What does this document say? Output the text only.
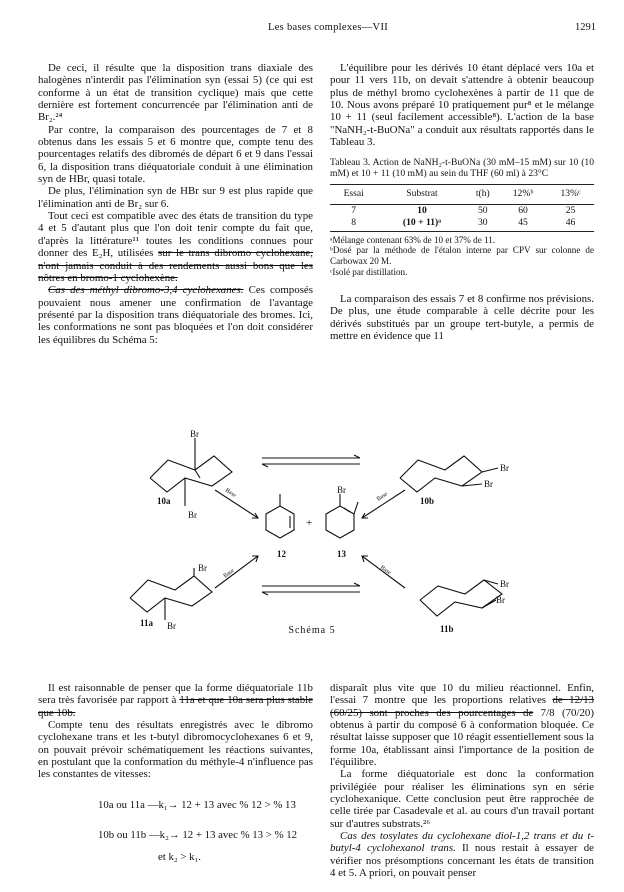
Les bases complexes—VII	1291

De ceci, il résulte que la disposition trans diaxiale des halogènes n'interdit pas l'élimination syn (essai 5) (ce qui est conforme à un état de transition cyclique) mais que cette dernière est fortement concurrencée par l'élimination anti de Br₂.²⁴

Par contre, la comparaison des pourcentages de 7 et 8 obtenus dans les essais 5 et 6 montre que, compte tenu des pourcentages relatifs des dibromés de départ 6 et 9 dans l'essai 6, la disposition trans diéquatoriale conduit à une élimination syn de HBr, quasi totale.

De plus, l'élimination syn de HBr sur 9 est plus rapide que l'élimination anti de Br₂ sur 6.

Tout ceci est compatible avec des états de transition du type 4 et 5 d'autant plus que l'on doit tenir compte du fait que, d'après la littérature¹¹ toutes les conditions connues pour donner des E₂H, utilisées sur le trans dibromo cyclohexane, n'ont jamais conduit à des rendements aussi bons que les nôtres en bromo-1 cyclohexène.

Cas des méthyl dibromo-3,4 cyclohexanes. Ces composés pouvaient nous amener une confirmation de l'avantage présenté par la disposition trans diéquatoriale des bromes. Ici, les conformations ne sont pas bloquées et l'on doit considérer les équilibres du Schéma 5:

L'équilibre pour les dérivés 10 étant déplacé vers 10a et pour 11 vers 11b, on devait s'attendre à obtenir beaucoup plus de méthyl bromo cyclohexènes à partir de 11 que de 10. Nous avons préparé 10 pratiquement pur⁸ et le mélange 10 + 11 (seul facilement accessible⁸). L'action de la base "NaNH₂-t-BuONa" a conduit aux résultats rapportés dans le Tableau 3.

Tableau 3. Action de NaNH₂-t-BuONa (30 mM–15 mM) sur 10 (10 mM) et 10 + 11 (10 mM) au sein du THF (60 ml) à 23°C
Essai	Substrat	t(h)	12%ᵇ	13%ᶜ
7	10	50	60	25
8	(10 + 11)ᵃ	30	45	46
ᵃMélange contenant 63% de 10 et 37% de 11.
ᵇDosé par la méthode de l'étalon interne par CPV sur colonne de Carbowax 20 M.
ᶜIsolé par distillation.

La comparaison des essais 7 et 8 confirme nos prévisions. De plus, une étude comparable à celle décrite pour les dérivés substitués par un groupe tert-butyle, a permis de mettre en évidence que 11

Br
Br
10a
Br
Br
10b
Base	Base
Base	Base
12
+
Br
13
Br
Br
11a
Br
Br
11b
Schéma 5

Il est raisonnable de penser que la forme diéquatoriale 11b sera très favorisée par rapport à 11a et que 10a sera plus stable que 10b.

Compte tenu des résultats enregistrés avec le dibromo cyclohexane trans et les t-butyl dibromocyclohexanes 6 et 9, on pouvait prévoir schématiquement les réactions suivantes, en postulant que la conformation du méthyle-4 n'influence pas les constantes de vitesses:

10a ou 11a —k₁→ 12 + 13 avec % 12 > % 13
10b ou 11b —k₂→ 12 + 13 avec % 13 > % 12
et k₂ > k₁.

disparaît plus vite que 10 du milieu réactionnel. Enfin, l'essai 7 montre que les proportions relatives de 12/13 (60/25) sont proches des pourcentages de 7/8 (70/20) obtenus à partir du composé 6 à conformation bloquée. Ce résultat laisse supposer que 10 réagit essentiellement sous la forme 10a, établissant ainsi l'importance de la position de l'équilibre.

La forme diéquatoriale est donc la conformation privilégiée pour réaliser les éliminations syn en série cyclohexanique. Cette conclusion peut être rapprochée de celle tirée par Casadevale et al. au cours d'un travail portant sur d'autres substrats.²⁶

Cas des tosylates du cyclohexane diol-1,2 trans et du t-butyl-4 cyclohexanol trans. Il nous restait à essayer de vérifier nos présomptions concernant les états de transition 4 et 5. A priori, on pouvait penser
